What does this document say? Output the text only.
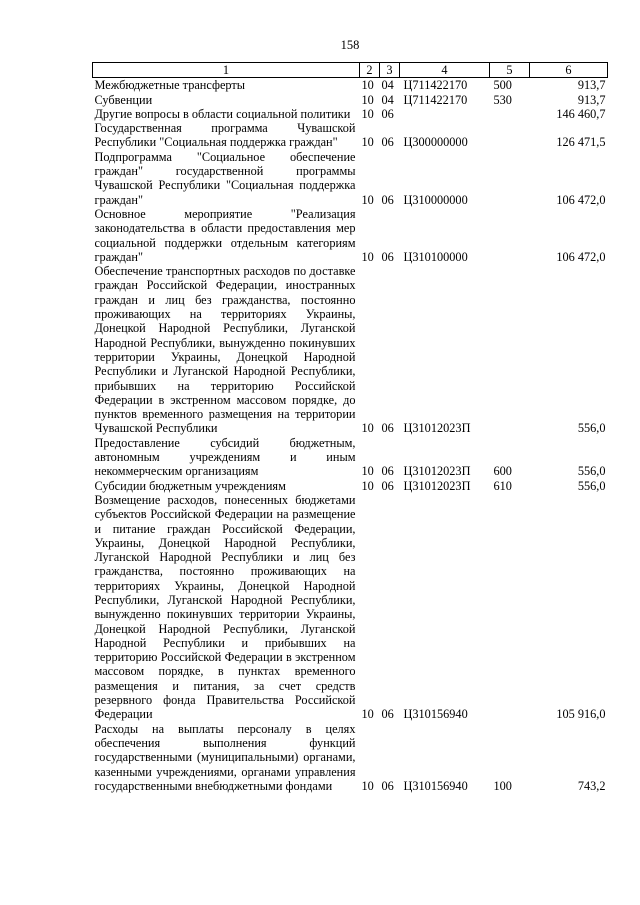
158
1	2	3	4	5	6
Межбюджетные трансферты	10	04	Ц711422170	500	913,7
Субвенции	10	04	Ц711422170	530	913,7
Другие вопросы в области социальной политики	10	06			146 460,7
Государственная программа Чувашской Республики "Социальная поддержка граждан"	10	06	Ц300000000		126 471,5
Подпрограмма "Социальное обеспечение граждан" государственной программы Чувашской Республики "Социальная поддержка граждан"	10	06	Ц310000000		106 472,0
Основное мероприятие "Реализация законодательства в области предоставления мер социальной поддержки отдельным категориям граждан"	10	06	Ц310100000		106 472,0
Обеспечение транспортных расходов по доставке граждан Российской Федерации, иностранных граждан и лиц без гражданства, постоянно проживающих на территориях Украины, Донецкой Народной Республики, Луганской Народной Республики, вынужденно покинувших территории Украины, Донецкой Народной Республики и Луганской Народной Республики, прибывших на территорию Российской Федерации в экстренном массовом порядке, до пунктов временного размещения на территории Чувашской Республики	10	06	Ц31012023П		556,0
Предоставление субсидий бюджетным, автономным учреждениям и иным некоммерческим организациям	10	06	Ц31012023П	600	556,0
Субсидии бюджетным учреждениям	10	06	Ц31012023П	610	556,0
Возмещение расходов, понесенных бюджетами субъектов Российской Федерации на размещение и питание граждан Российской Федерации, Украины, Донецкой Народной Республики, Луганской Народной Республики и лиц без гражданства, постоянно проживающих на территориях Украины, Донецкой Народной Республики, Луганской Народной Республики, вынужденно покинувших территории Украины, Донецкой Народной Республики, Луганской Народной Республики и прибывших на территорию Российской Федерации в экстренном массовом порядке, в пунктах временного размещения и питания, за счет средств резервного фонда Правительства Российской Федерации	10	06	Ц310156940		105 916,0
Расходы на выплаты персоналу в целях обеспечения выполнения функций государственными (муниципальными) органами, казенными учреждениями, органами управления государственными внебюджетными фондами	10	06	Ц310156940	100	743,2
